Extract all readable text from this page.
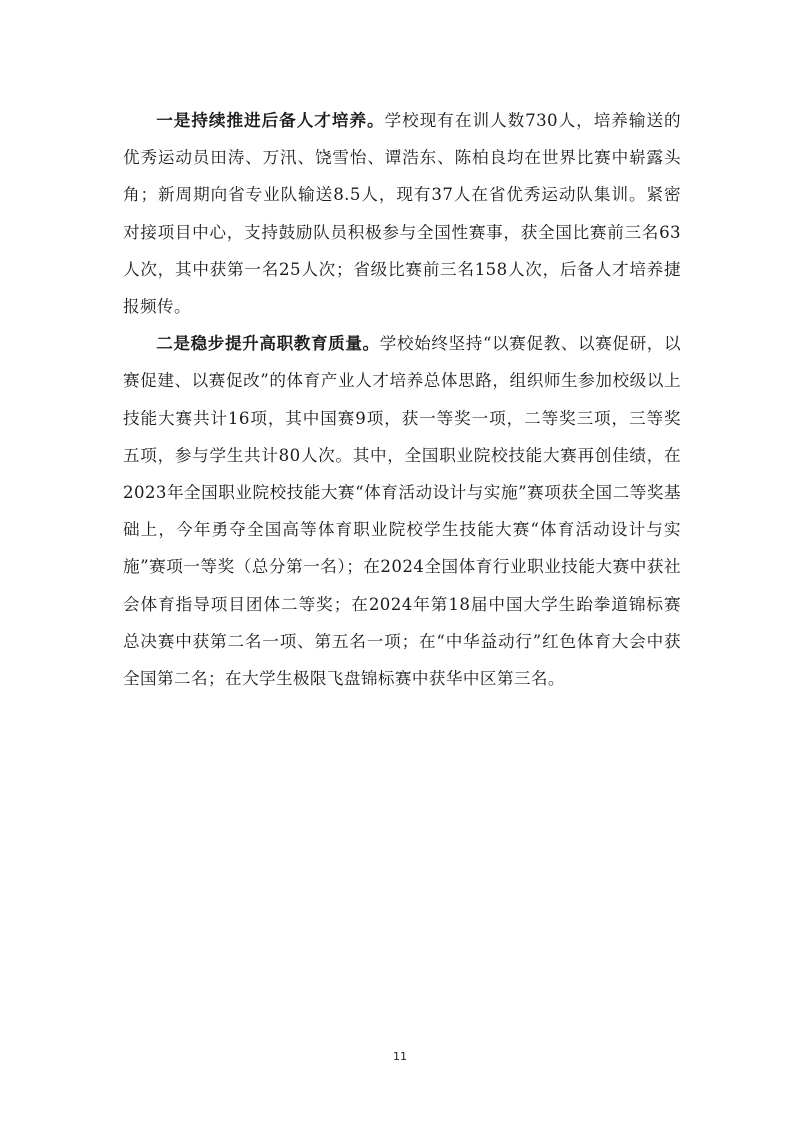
一是持续推进后备人才培养。学校现有在训人数730人，培养输送的优秀运动员田涛、万汛、饶雪怡、谭浩东、陈柏良均在世界比赛中崭露头角；新周期向省专业队输送8.5人，现有37人在省优秀运动队集训。紧密对接项目中心，支持鼓励队员积极参与全国性赛事，获全国比赛前三名63人次，其中获第一名25人次；省级比赛前三名158人次，后备人才培养捷报频传。

二是稳步提升高职教育质量。学校始终坚持“以赛促教、以赛促研，以赛促建、以赛促改”的体育产业人才培养总体思路，组织师生参加校级以上技能大赛共计16项，其中国赛9项，获一等奖一项，二等奖三项，三等奖五项，参与学生共计80人次。其中，全国职业院校技能大赛再创佳绩，在2023年全国职业院校技能大赛“体育活动设计与实施”赛项获全国二等奖基础上，今年勇夺全国高等体育职业院校学生技能大赛“体育活动设计与实施”赛项一等奖（总分第一名）；在2024全国体育行业职业技能大赛中获社会体育指导项目团体二等奖；在2024年第18届中国大学生跆拳道锦标赛总决赛中获第二名一项、第五名一项；在“中华益动行”红色体育大会中获全国第二名；在大学生极限飞盘锦标赛中获华中区第三名。

11
